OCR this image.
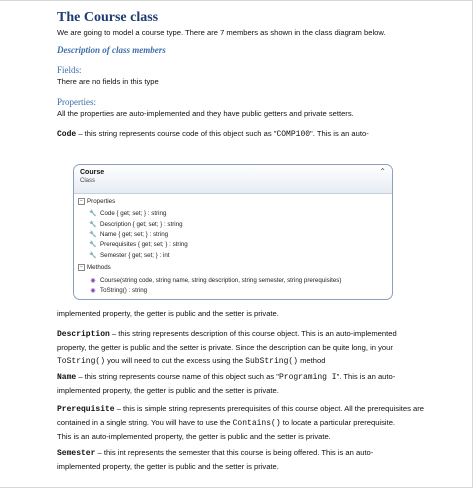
The Course class
We are going to model a course type. There are 7 members as shown in the class diagram below.
Description of class members
Fields:
There are no fields in this type
Properties:
All the properties are auto-implemented and they have public getters and private setters.
Code – this string represents course code of this object such as "COMP100". This is an auto-
Course
Class
⌃
− Properties
🔧 Code { get; set; } : string
🔧 Description { get; set; } : string
🔧 Name { get; set; } : string
🔧 Prerequisites { get; set; } : string
🔧 Semester { get; set; } : int
− Methods
◉ Course(string code, string name, string description, string semester, string prerequisites)
◉ ToString() : string
implemented property, the getter is public and the setter is private.
Description – this string represents description of this course object. This is an auto-implemented
property, the getter is public and the setter is private. Since the description can be quite long, in your
ToString() you will need to cut the excess using the SubString() method
Name – this string represents course name of this object such as "Programing I". This is an auto-
implemented property, the getter is public and the setter is private.
Prerequisite – this is simple string represents prerequisites of this course object. All the prerequisites are
contained in a single string. You will have to use the Contains() to locate a particular prerequisite.
This is an auto-implemented property, the getter is public and the setter is private.
Semester – this int represents the semester that this course is being offered. This is an auto-
implemented property, the getter is public and the setter is private.
